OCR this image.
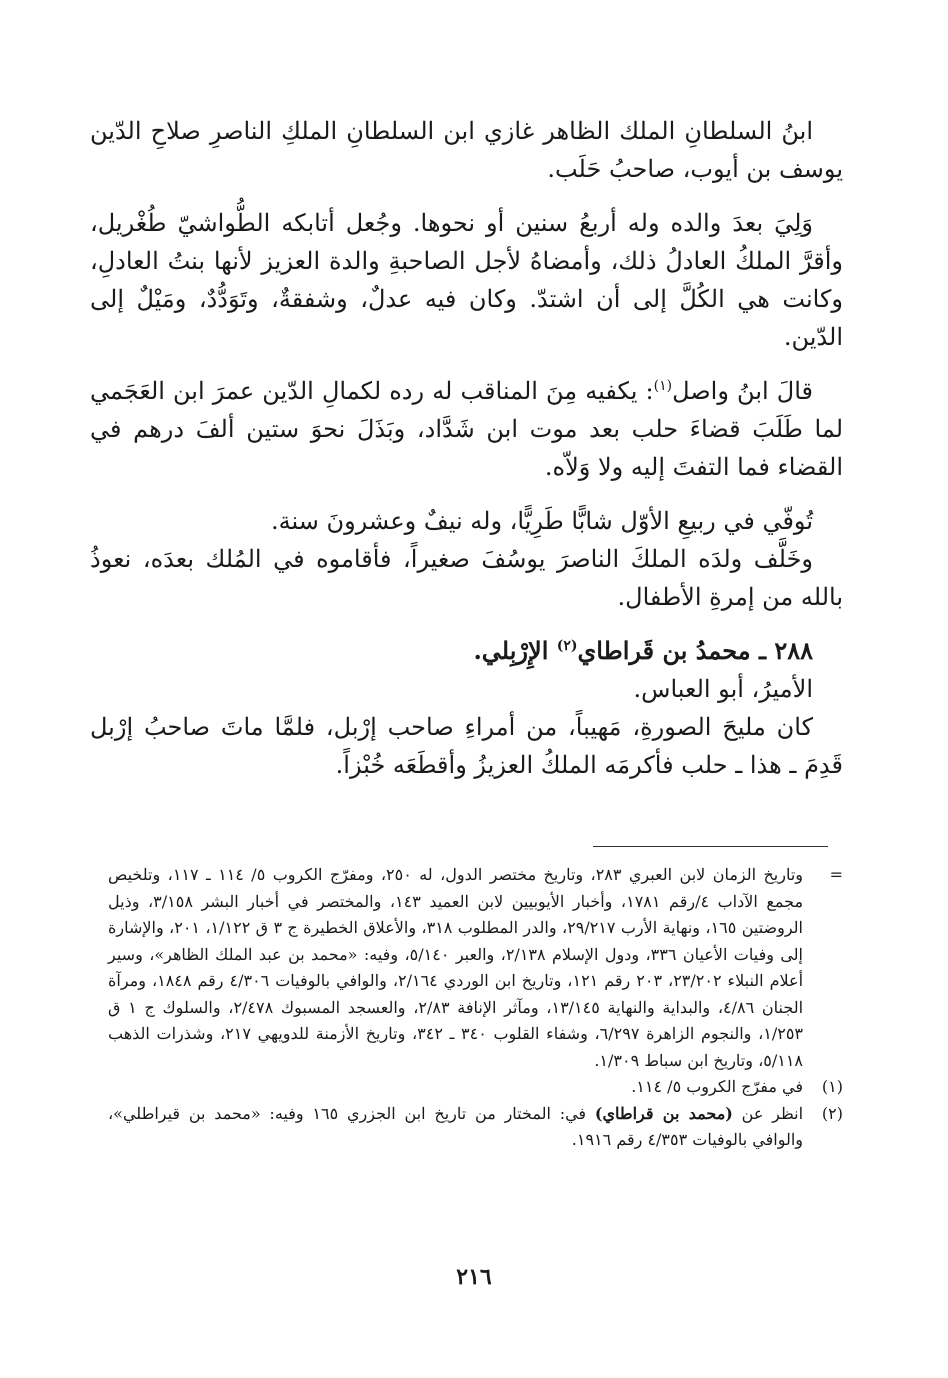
ابنُ السلطانِ الملك الظاهر غازي ابن السلطانِ الملكِ الناصرِ صلاحِ الدّين يوسف بن أيوب، صاحبُ حَلَب.

وَلِيَ بعدَ والده وله أربعُ سنين أو نحوها. وجُعل أتابكه الطُّواشيّ طُغْريل، وأقرَّ الملكُ العادلُ ذلك، وأمضاهُ لأجل الصاحبةِ والدة العزيز لأنها بنتُ العادلِ، وكانت هي الكُلَّ إلى أن اشتدّ. وكان فيه عدلٌ، وشفقةٌ، وتَوَدُّدٌ، ومَيْلٌ إلى الدّين.

قالَ ابنُ واصل$^{(١)}$: يكفيه مِنَ المناقب له رده لكمالِ الدّين عمرَ ابن العَجَمي لما طَلَبَ قضاءَ حلب بعد موت ابن شَدَّاد، وبَذَلَ نحوَ ستين ألفَ درهم في القضاء فما التفتَ إليه ولا وَلاّه.

تُوفّي في ربيعِ الأوّل شابًّا طَرِيًّا، وله نيفٌ وعشرونَ سنة.

وخَلَّف ولدَه الملكَ الناصرَ يوسُفَ صغيراً، فأقاموه في المُلك بعدَه، نعوذُ بالله من إمرةِ الأطفال.

٢٨٨ ـ محمدُ بن قَراطاي$^{(٢)}$ الإِرْبِلي.

الأميرُ، أبو العباس.

كان مليحَ الصورةِ، مَهيباً، من أمراءِ صاحب إرْبل، فلمَّا ماتَ صاحبُ إرْبل قَدِمَ ـ هذا ـ حلب فأكرمَه الملكُ العزيزُ وأقطَعَه خُبْزاً.

=
وتاريخ الزمان لابن العبري ٢٨٣، وتاريخ مختصر الدول، له ٢٥٠، ومفرّج الكروب ٥/ ١١٤ ـ ١١٧، وتلخيص مجمع الآداب ٤/رقم ١٧٨١، وأخبار الأيوبيين لابن العميد ١٤٣، والمختصر في أخبار البشر ٣/١٥٨، وذيل الروضتين ١٦٥، ونهاية الأرب ٢٩/٢١٧، والدر المطلوب ٣١٨، والأعلاق الخطيرة ج ٣ ق ١/١٢٢، ٢٠١، والإشارة إلى وفيات الأعيان ٣٣٦، ودول الإسلام ٢/١٣٨، والعبر ٥/١٤٠، وفيه: «محمد بن عبد الملك الظاهر»، وسير أعلام النبلاء ٢٣/٢٠٢، ٢٠٣ رقم ١٢١، وتاريخ ابن الوردي ٢/١٦٤، والوافي بالوفيات ٤/٣٠٦ رقم ١٨٤٨، ومرآة الجنان ٤/٨٦، والبداية والنهاية ١٣/١٤٥، ومآثر الإنافة ٢/٨٣، والعسجد المسبوك ٢/٤٧٨، والسلوك ج ١ ق ١/٢٥٣، والنجوم الزاهرة ٦/٢٩٧، وشفاء القلوب ٣٤٠ ـ ٣٤٢، وتاريخ الأزمنة للدويهي ٢١٧، وشذرات الذهب ٥/١١٨، وتاريخ ابن سباط ١/٣٠٩.
(١)
في مفرّج الكروب ٥/ ١١٤.
(٢)
انظر عن (محمد بن قراطاي) في: المختار من تاريخ ابن الجزري ١٦٥ وفيه: «محمد بن قيراطلي»، والوافي بالوفيات ٤/٣٥٣ رقم ١٩١٦.
٢١٦
